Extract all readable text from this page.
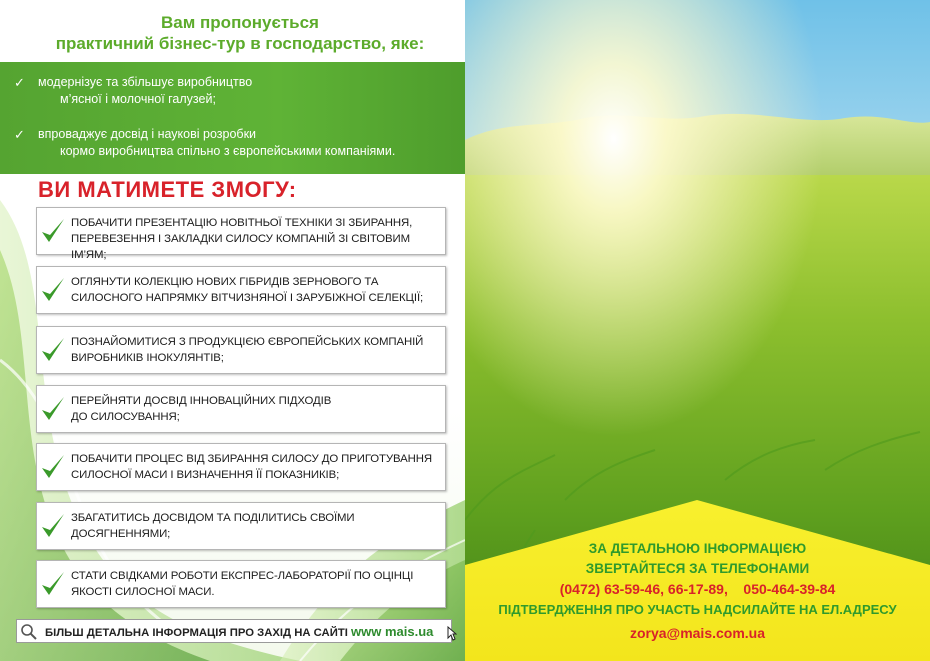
Вам пропонується
практичний бізнес-тур в господарство, яке:
✓ модернізує та збільшує виробництво
м’ясної і молочної галузей;
✓ впроваджує досвід і наукові розробки
кормо виробництва спільно з європейськими компаніями.
ВИ МАТИМЕТЕ ЗМОГУ:
ПОБАЧИТИ ПРЕЗЕНТАЦІЮ НОВІТНЬОЇ ТЕХНІКИ ЗІ ЗБИРАННЯ,
ПЕРЕВЕЗЕННЯ І ЗАКЛАДКИ СИЛОСУ КОМПАНІЙ ЗІ СВІТОВИМ ІМ’ЯМ;
ОГЛЯНУТИ КОЛЕКЦІЮ НОВИХ ГІБРИДІВ ЗЕРНОВОГО ТА
СИЛОСНОГО НАПРЯМКУ ВІТЧИЗНЯНОЇ І ЗАРУБІЖНОЇ СЕЛЕКЦІЇ;
ПОЗНАЙОМИТИСЯ З ПРОДУКЦІЄЮ ЄВРОПЕЙСЬКИХ КОМПАНІЙ
ВИРОБНИКІВ ІНОКУЛЯНТІВ;
ПЕРЕЙНЯТИ ДОСВІД ІННОВАЦІЙНИХ ПІДХОДІВ
ДО СИЛОСУВАННЯ;
ПОБАЧИТИ ПРОЦЕС ВІД ЗБИРАННЯ СИЛОСУ ДО ПРИГОТУВАННЯ
СИЛОСНОЇ МАСИ І ВИЗНАЧЕННЯ ЇЇ ПОКАЗНИКІВ;
ЗБАГАТИТИСЬ ДОСВІДОМ ТА ПОДІЛИТИСЬ СВОЇМИ
ДОСЯГНЕННЯМИ;
СТАТИ СВІДКАМИ РОБОТИ ЕКСПРЕС-ЛАБОРАТОРІЇ ПО ОЦІНЦІ
ЯКОСТІ СИЛОСНОЇ МАСИ.
БІЛЬШ ДЕТАЛЬНА ІНФОРМАЦІЯ ПРО ЗАХІД НА САЙТІ www mais.ua
ЗА ДЕТАЛЬНОЮ ІНФОРМАЦІЄЮ
ЗВЕРТАЙТЕСЯ ЗА ТЕЛЕФОНАМИ
(0472) 63-59-46, 66-17-89,    050-464-39-84
ПІДТВЕРДЖЕННЯ ПРО УЧАСТЬ НАДСИЛАЙТЕ НА ЕЛ.АДРЕСУ
zorya@mais.com.ua
